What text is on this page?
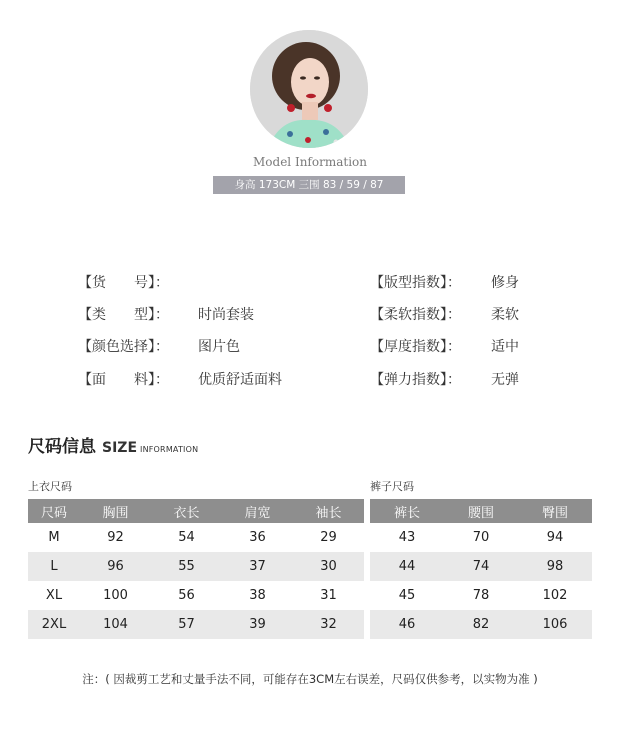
Model Information
身高 173CM 三围 83 / 59 / 87
【货　　号】：	【版型指数】：	修身
【类　　型】：	时尚套装	【柔软指数】：	柔软
【颜色选择】：	图片色	【厚度指数】：	适中
【面　　料】：	优质舒适面料	【弹力指数】：	无弹
尺码信息 SIZE INFORMATION
上衣尺码	裤子尺码
尺码	胸围	衣长	肩宽	袖长
M	92	54	36	29
L	96	55	37	30
XL	100	56	38	31
2XL	104	57	39	32
裤长	腰围	臀围
43	70	94
44	74	98
45	78	102
46	82	106
注：( 因裁剪工艺和丈量手法不同，可能存在3CM左右误差，尺码仅供参考，以实物为准 )
